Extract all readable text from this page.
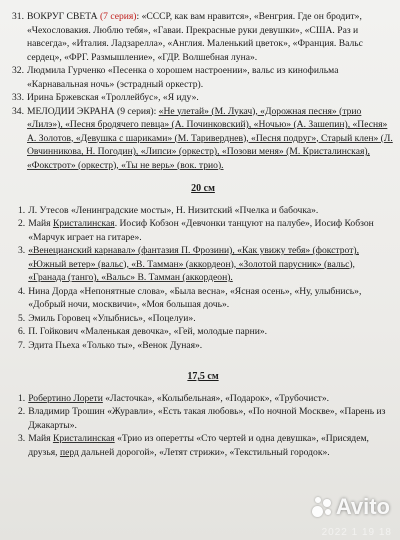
31. ВОКРУГ СВЕТА (7 серия): «СССР, как вам нравится», «Венгрия. Где он бродит», «Чехословакия. Люблю тебя», «Гаваи. Прекрасные руки девушки», «США. Раз и навсегда», «Италия. Ладзарелла», «Англия. Маленький цветок», «Франция. Вальс сердец», «ФРГ. Размышление», «ГДР. Волшебная луна».
32. Людмила Гурченко «Песенка о хорошем настроении», вальс из кинофильма «Карнавальная ночь» (эстрадный оркестр).
33. Ирина Бржевская «Троллейбус», «Я иду».
34. МЕЛОДИИ ЭКРАНА (9 серия): «Не улетай» (М. Лукач), «Дорожная песня» (трио «Лилэ»), «Песня бродячего певца» (А. Починковский), «Ночью» (А. Зашепин), «Песня» А. Золотов, «Девушка с шариками» (М. Тариверднев), «Песня подруг», Старый клен» (Л. Овчинникова, Н. Погодин), «Липси» (оркестр), «Позови меня» (М. Кристалинская), «Фокстрот» (оркестр), «Ты не верь» (вок. трио).
20 см
1. Л. Утесов «Ленинградские мосты», Н. Низитский «Пчелка и бабочка».
2. Майя Кристалинская. Иосиф Кобзон «Девчонки танцуют на палубе», Иосиф Кобзон «Марчук играет на гитаре».
3. «Венецианский карнавал» (фантазия П. Фрозини), «Как увижу тебя» (фокстрот), «Южный ветер» (вальс), «В. Тамман» (аккордеон), «Золотой парусник» (вальс), «Гранада (танго), «Вальс» В. Тамман (аккордеон).
4. Нина Дорда «Непонятные слова», «Была весна», «Ясная осень», «Ну, улыбнись», «Добрый ночи, москвичи», «Моя большая дочь».
5. Эмиль Горовец «Улыбнись», «Поцелуи».
6. П. Гойкович «Маленькая девочка», «Гей, молодые парни».
7. Эдита Пьеха «Только ты», «Венок Дуная».
17,5 см
1. Робертино Лорети «Ласточка», «Колыбельная», «Подарок», «Трубочист».
2. Владимир Трошин «Журавли», «Есть такая любовь», «По ночной Москве», «Парень из Джакарты».
3. Майя Кристалинская «Трио из оперетты «Сто чертей и одна девушка», «Присядем, друзья, перд дальней дорогой», «Летят стрижи», «Текстильный городок».
Avito
2022 1 19 18
